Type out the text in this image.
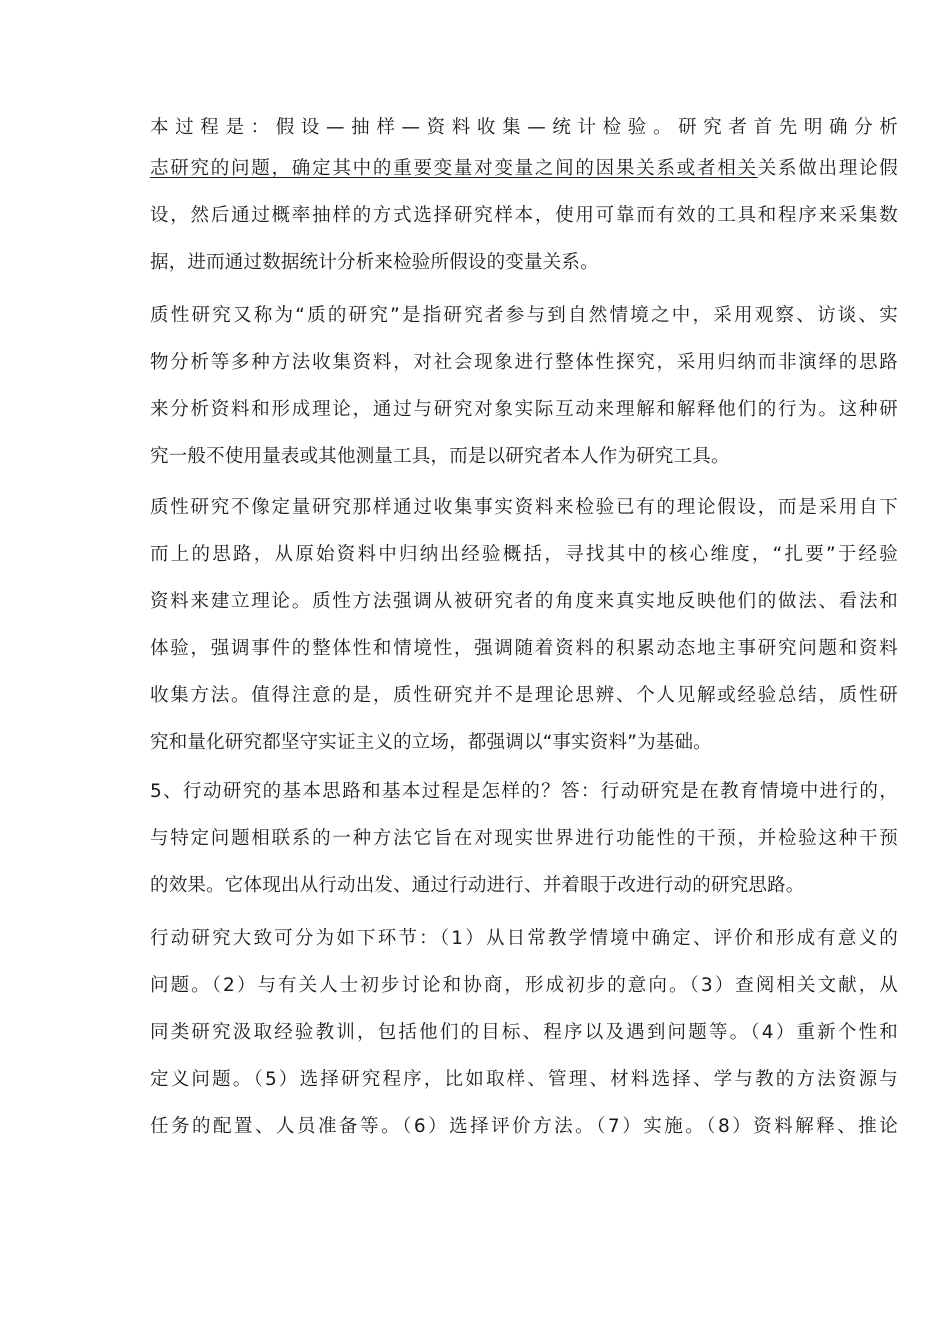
本过程是：假设—抽样—资料收集—统计检验。研究者首先明确分析

志研究的问题，确定其中的重要变量对变量之间的因果关系或者相关关系做出理论假
设，然后通过概率抽样的方式选择研究样本，使用可靠而有效的工具和程序来采集数
据，进而通过数据统计分析来检验所假设的变量关系。

质性研究又称为“质的研究”是指研究者参与到自然情境之中，采用观察、访谈、实
物分析等多种方法收集资料，对社会现象进行整体性探究，采用归纳而非演绎的思路
来分析资料和形成理论，通过与研究对象实际互动来理解和解释他们的行为。这种研
究一般不使用量表或其他测量工具，而是以研究者本人作为研究工具。

质性研究不像定量研究那样通过收集事实资料来检验已有的理论假设，而是采用自下
而上的思路，从原始资料中归纳出经验概括，寻找其中的核心维度，“扎要”于经验
资料来建立理论。质性方法强调从被研究者的角度来真实地反映他们的做法、看法和
体验，强调事件的整体性和情境性，强调随着资料的积累动态地主事研究问题和资料
收集方法。值得注意的是，质性研究并不是理论思辨、个人见解或经验总结，质性研
究和量化研究都坚守实证主义的立场，都强调以“事实资料”为基础。

5、行动研究的基本思路和基本过程是怎样的？答：行动研究是在教育情境中进行的，
与特定问题相联系的一种方法它旨在对现实世界进行功能性的干预，并检验这种干预
的效果。它体现出从行动出发、通过行动进行、并着眼于改进行动的研究思路。

行动研究大致可分为如下环节：（1）从日常教学情境中确定、评价和形成有意义的
问题。（2）与有关人士初步讨论和协商，形成初步的意向。（3）查阅相关文献，从
同类研究汲取经验教训，包括他们的目标、程序以及遇到问题等。（4）重新个性和
定义问题。（5）选择研究程序，比如取样、管理、材料选择、学与教的方法资源与
任务的配置、人员准备等。（6）选择评价方法。（7）实施。（8）资料解释、推论
